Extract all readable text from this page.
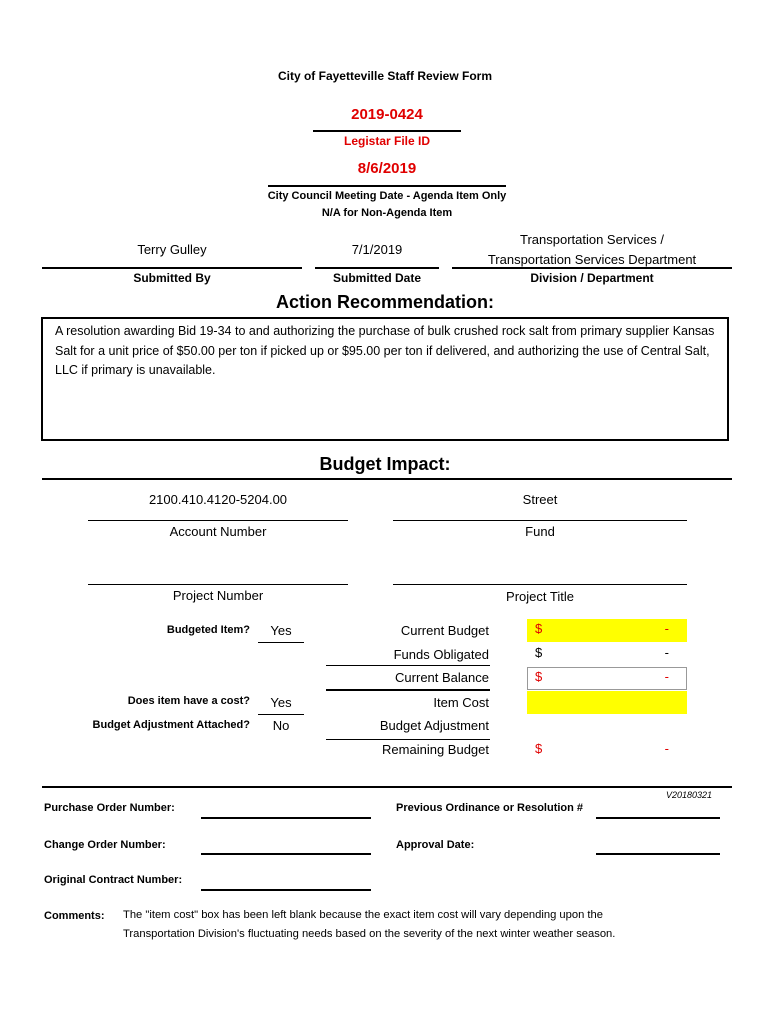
City of Fayetteville Staff Review Form
2019-0424
Legistar File ID
8/6/2019
City Council Meeting Date - Agenda Item Only
N/A for Non-Agenda Item
Terry Gulley
Submitted By
7/1/2019
Submitted Date
Transportation Services /
Transportation Services Department
Division / Department
Action Recommendation:
A resolution awarding Bid 19-34 to and authorizing the purchase of bulk crushed rock salt from primary supplier Kansas Salt for a unit price of $50.00 per ton if picked up or $95.00 per ton if delivered, and authorizing the use of Central Salt, LLC if primary is unavailable.
Budget Impact:
2100.410.4120-5204.00
Account Number
Street
Fund
Project Number	Project Title
Budgeted Item?	Yes
Does item have a cost?	Yes
Budget Adjustment Attached?	No
Current Budget	$	-
Funds Obligated	$	-
Current Balance	$	-
Item Cost
Budget Adjustment
Remaining Budget	$	-
V20180321
Purchase Order Number:	Previous Ordinance or Resolution #
Change Order Number:	Approval Date:
Original Contract Number:
Comments: The "item cost" box has been left blank because the exact item cost will vary depending upon the
Transportation Division's fluctuating needs based on the severity of the next winter weather season.
